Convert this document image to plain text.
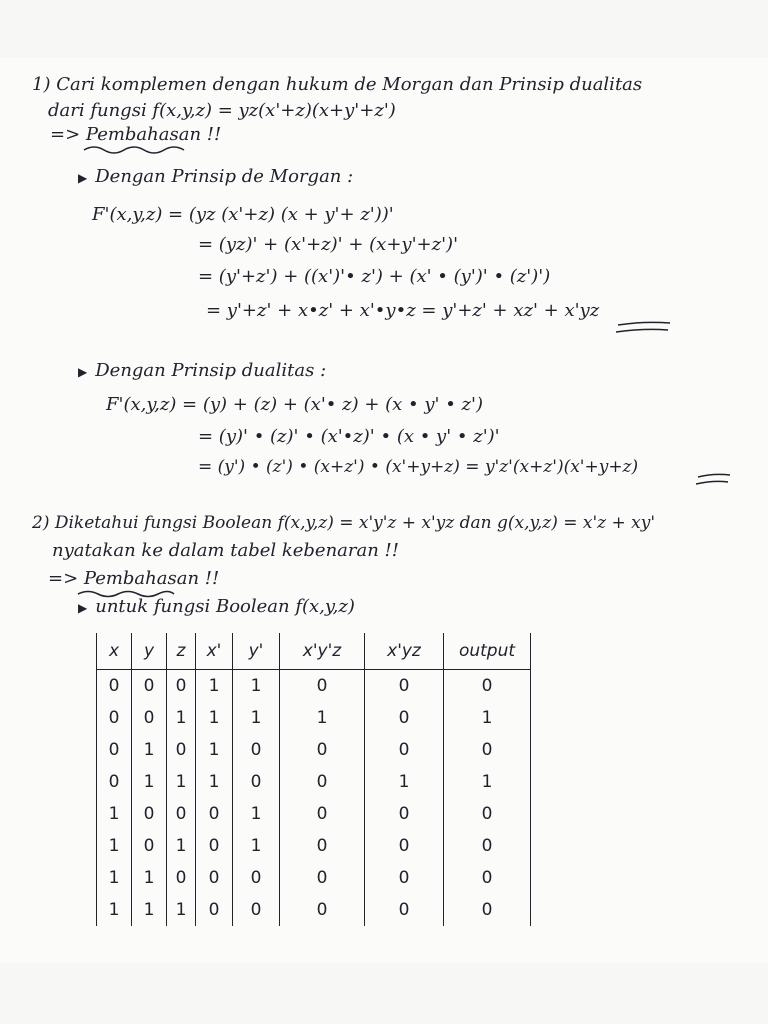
1) Cari komplemen dengan hukum de Morgan dan Prinsip dualitas
dari fungsi f(x,y,z) = yz(x'+z)(x+y'+z')
=> Pembahasan !!
▶ Dengan Prinsip de Morgan :
F'(x,y,z) = (yz (x'+z) (x + y'+ z'))'
= (yz)' + (x'+z)' + (x+y'+z')'
= (y'+z') + ((x')'• z') + (x' • (y')' • (z')')
= y'+z' + x•z' + x'•y•z = y'+z' + xz' + x'yz
▶ Dengan Prinsip dualitas :
F'(x,y,z) = (y) + (z) + (x'• z) + (x • y' • z')
= (y)' • (z)' • (x'•z)' • (x • y' • z')'
= (y') • (z') • (x+z') • (x'+y+z) = y'z'(x+z')(x'+y+z)
2) Diketahui fungsi Boolean f(x,y,z) = x'y'z + x'yz dan g(x,y,z) = x'z + xy'
nyatakan ke dalam tabel kebenaran !!
=> Pembahasan !!
▶ untuk fungsi Boolean f(x,y,z)
x	y	z	x'	y'	x'y'z	x'yz	output
0	0	0	1	1	0	0	0
0	0	1	1	1	1	0	1
0	1	0	1	0	0	0	0
0	1	1	1	0	0	1	1
1	0	0	0	1	0	0	0
1	0	1	0	1	0	0	0
1	1	0	0	0	0	0	0
1	1	1	0	0	0	0	0
